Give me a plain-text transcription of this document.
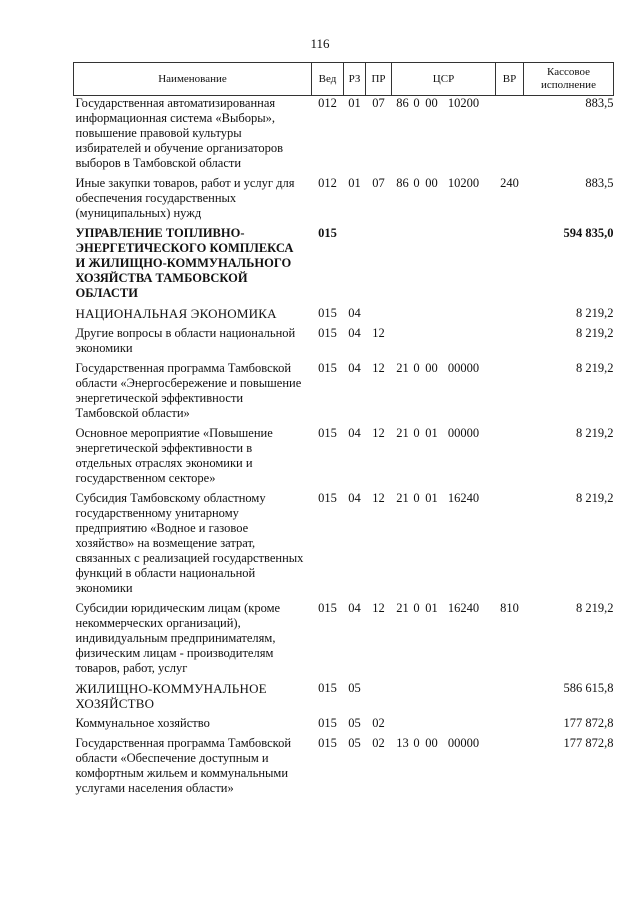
116
Наименование	Вед	РЗ	ПР	ЦСР	ВР	Кассовое исполнение
Государственная автоматизированная информационная система «Выборы», повышение правовой культуры избирателей и обучение организаторов выборов в Тамбовской области	012	01	07	86 0 00 10200		883,5
Иные закупки товаров, работ и услуг для обеспечения государственных (муниципальных) нужд	012	01	07	86 0 00 10200	240	883,5
УПРАВЛЕНИЕ ТОПЛИВНО-ЭНЕРГЕТИЧЕСКОГО КОМПЛЕКСА И ЖИЛИЩНО-КОММУНАЛЬНОГО ХОЗЯЙСТВА ТАМБОВСКОЙ ОБЛАСТИ	015					594 835,0
НАЦИОНАЛЬНАЯ ЭКОНОМИКА	015	04				8 219,2
Другие вопросы в области национальной экономики	015	04	12			8 219,2
Государственная программа Тамбовской области «Энергосбережение и повышение энергетической эффективности Тамбовской области»	015	04	12	21 0 00 00000		8 219,2
Основное мероприятие «Повышение энергетической эффективности в отдельных отраслях экономики и государственном секторе»	015	04	12	21 0 01 00000		8 219,2
Субсидия Тамбовскому областному государственному унитарному предприятию «Водное и газовое хозяйство» на возмещение затрат, связанных с реализацией государственных функций в области национальной экономики	015	04	12	21 0 01 16240		8 219,2
Субсидии юридическим лицам (кроме некоммерческих организаций), индивидуальным предпринимателям, физическим лицам - производителям товаров, работ, услуг	015	04	12	21 0 01 16240	810	8 219,2
ЖИЛИЩНО-КОММУНАЛЬНОЕ ХОЗЯЙСТВО	015	05				586 615,8
Коммунальное хозяйство	015	05	02			177 872,8
Государственная программа Тамбовской области «Обеспечение доступным и комфортным жильем и коммунальными услугами населения области»	015	05	02	13 0 00 00000		177 872,8
